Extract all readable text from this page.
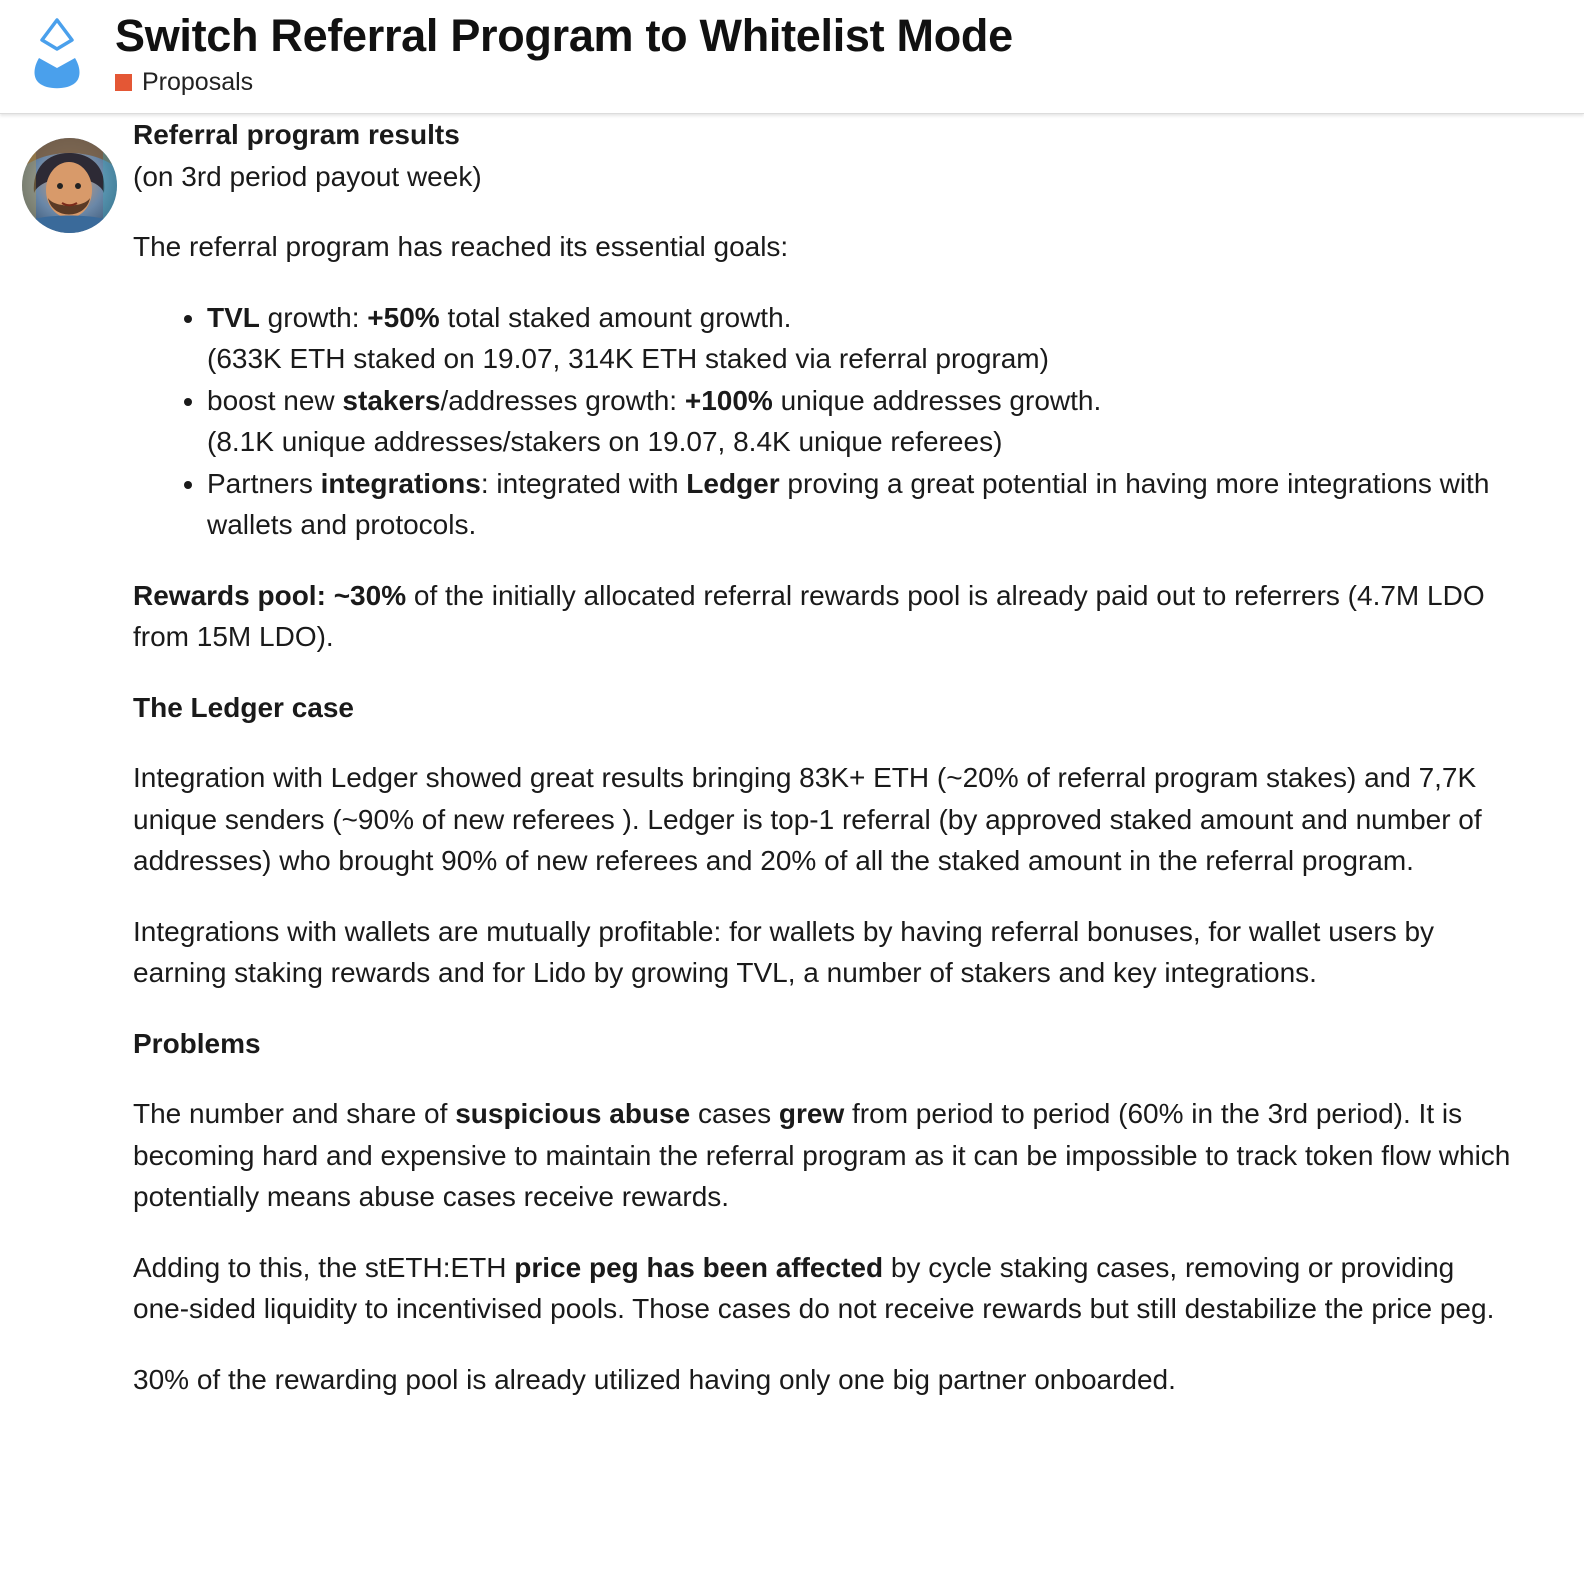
Switch Referral Program to Whitelist Mode
Proposals

Referral program results

(on 3rd period payout week)

The referral program has reached its essential goals:

• TVL growth: +50% total staked amount growth.
(633K ETH staked on 19.07, 314K ETH staked via referral program)
• boost new stakers/addresses growth: +100% unique addresses growth.
(8.1K unique addresses/stakers on 19.07, 8.4K unique referees)
• Partners integrations: integrated with Ledger proving a great potential in having more integrations with wallets and protocols.

Rewards pool: ~30% of the initially allocated referral rewards pool is already paid out to referrers (4.7M LDO from 15M LDO).

The Ledger case

Integration with Ledger showed great results bringing 83K+ ETH (~20% of referral program stakes) and 7,7K unique senders (~90% of new referees ). Ledger is top-1 referral (by approved staked amount and number of addresses) who brought 90% of new referees and 20% of all the staked amount in the referral program.

Integrations with wallets are mutually profitable: for wallets by having referral bonuses, for wallet users by earning staking rewards and for Lido by growing TVL, a number of stakers and key integrations.

Problems

The number and share of suspicious abuse cases grew from period to period (60% in the 3rd period). It is becoming hard and expensive to maintain the referral program as it can be impossible to track token flow which potentially means abuse cases receive rewards.

Adding to this, the stETH:ETH price peg has been affected by cycle staking cases, removing or providing one-sided liquidity to incentivised pools. Those cases do not receive rewards but still destabilize the price peg.

30% of the rewarding pool is already utilized having only one big partner onboarded.
